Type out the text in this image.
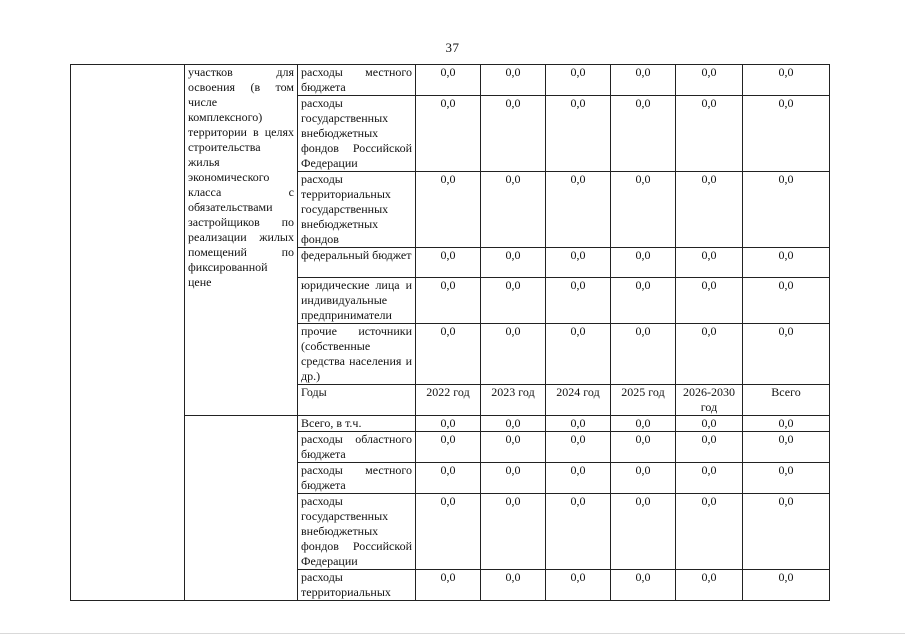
37
	участков для освоения (в том числе комплексного) территории в целях строительства жилья экономического класса с обязательствами застройщиков по реализации жилых помещений по фиксированной цене	расходы местного бюджета	0,0	0,0	0,0	0,0	0,0	0,0
		расходы государственных внебюджетных фондов Российской Федерации	0,0	0,0	0,0	0,0	0,0	0,0
		расходы территориальных государственных внебюджетных фондов	0,0	0,0	0,0	0,0	0,0	0,0
		федеральный бюджет	0,0	0,0	0,0	0,0	0,0	0,0
		юридические лица и индивидуальные предприниматели	0,0	0,0	0,0	0,0	0,0	0,0
		прочие источники (собственные средства населения и др.)	0,0	0,0	0,0	0,0	0,0	0,0
		Годы	2022 год	2023 год	2024 год	2025 год	2026-2030 год	Всего
		Всего, в т.ч.	0,0	0,0	0,0	0,0	0,0	0,0
		расходы областного бюджета	0,0	0,0	0,0	0,0	0,0	0,0
		расходы местного бюджета	0,0	0,0	0,0	0,0	0,0	0,0
		расходы государственных внебюджетных фондов Российской Федерации	0,0	0,0	0,0	0,0	0,0	0,0
		расходы территориальных	0,0	0,0	0,0	0,0	0,0	0,0
